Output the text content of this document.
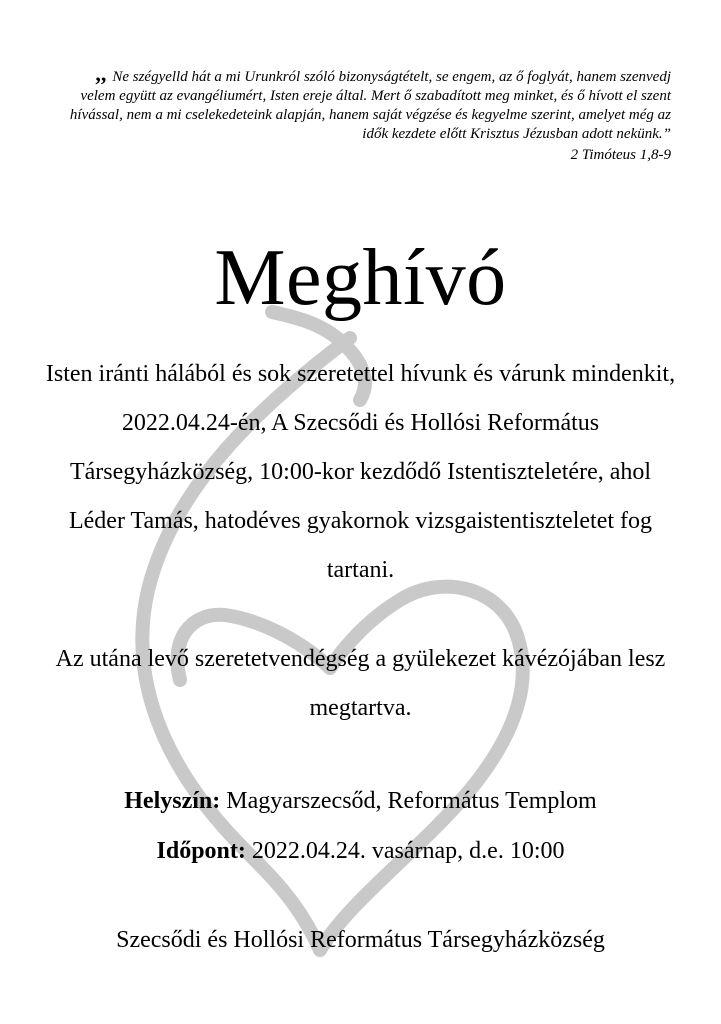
,, Ne szégyelld hát a mi Urunkról szóló bizonyságtételt, se engem, az ő foglyát, hanem szenvedj velem együtt az evangéliumért, Isten ereje által. Mert ő szabadított meg minket, és ő hívott el szent hívással, nem a mi cselekedeteink alapján, hanem saját végzése és kegyelme szerint, amelyet még az idők kezdete előtt Krisztus Jézusban adott nekünk.”
2 Timóteus 1,8-9
Meghívó
Isten iránti hálából és sok szeretettel hívunk és várunk mindenkit, 2022.04.24-én, A Szecsődi és Hollósi Református Társegyházközség, 10:00-kor kezdődő Istentiszteletére, ahol Léder Tamás, hatodéves gyakornok vizsgaistentiszteletet fog tartani.
Az utána levő szeretetvendégség a gyülekezet kávézójában lesz megtartva.
Helyszín: Magyarszecsőd, Református Templom
Időpont: 2022.04.24. vasárnap, d.e. 10:00
Szecsődi és Hollósi Református Társegyházközség
